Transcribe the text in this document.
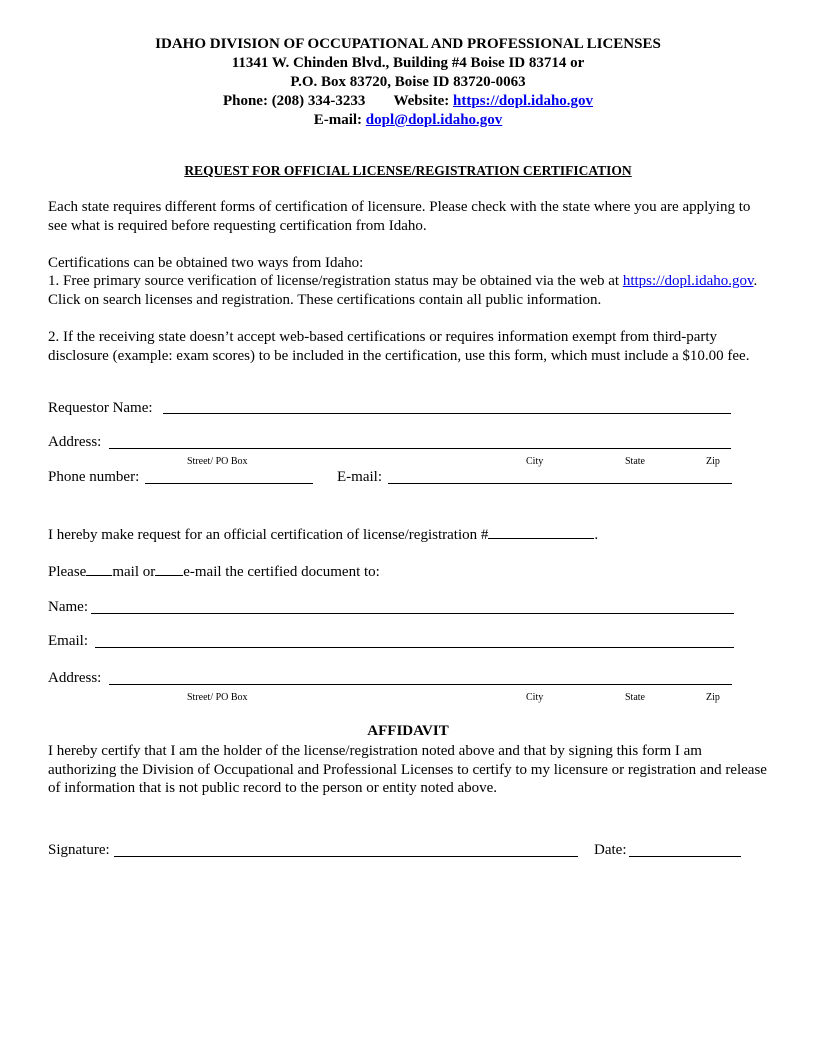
IDAHO DIVISION OF OCCUPATIONAL AND PROFESSIONAL LICENSES
11341 W. Chinden Blvd., Building #4 Boise ID 83714 or
P.O. Box 83720, Boise ID 83720-0063
Phone: (208) 334-3233 Website: https://dopl.idaho.gov
E-mail: dopl@dopl.idaho.gov
REQUEST FOR OFFICIAL LICENSE/REGISTRATION CERTIFICATION
Each state requires different forms of certification of licensure. Please check with the state where you are applying to see what is required before requesting certification from Idaho.
Certifications can be obtained two ways from Idaho:
1. Free primary source verification of license/registration status may be obtained via the web at https://dopl.idaho.gov. Click on search licenses and registration. These certifications contain all public information.
2. If the receiving state doesn’t accept web-based certifications or requires information exempt from third-party disclosure (example: exam scores) to be included in the certification, use this form, which must include a $10.00 fee.
Requestor Name:
Address:
Street/ PO Box	City	State	Zip
Phone number:	E-mail:
I hereby make request for an official certification of license/registration #	.
Please mail or e-mail the certified document to:
Name:
Email:
Address:
Street/ PO Box	City	State	Zip
AFFIDAVIT
I hereby certify that I am the holder of the license/registration noted above and that by signing this form I am authorizing the Division of Occupational and Professional Licenses to certify to my licensure or registration and release of information that is not public record to the person or entity noted above.
Signature:	Date:
